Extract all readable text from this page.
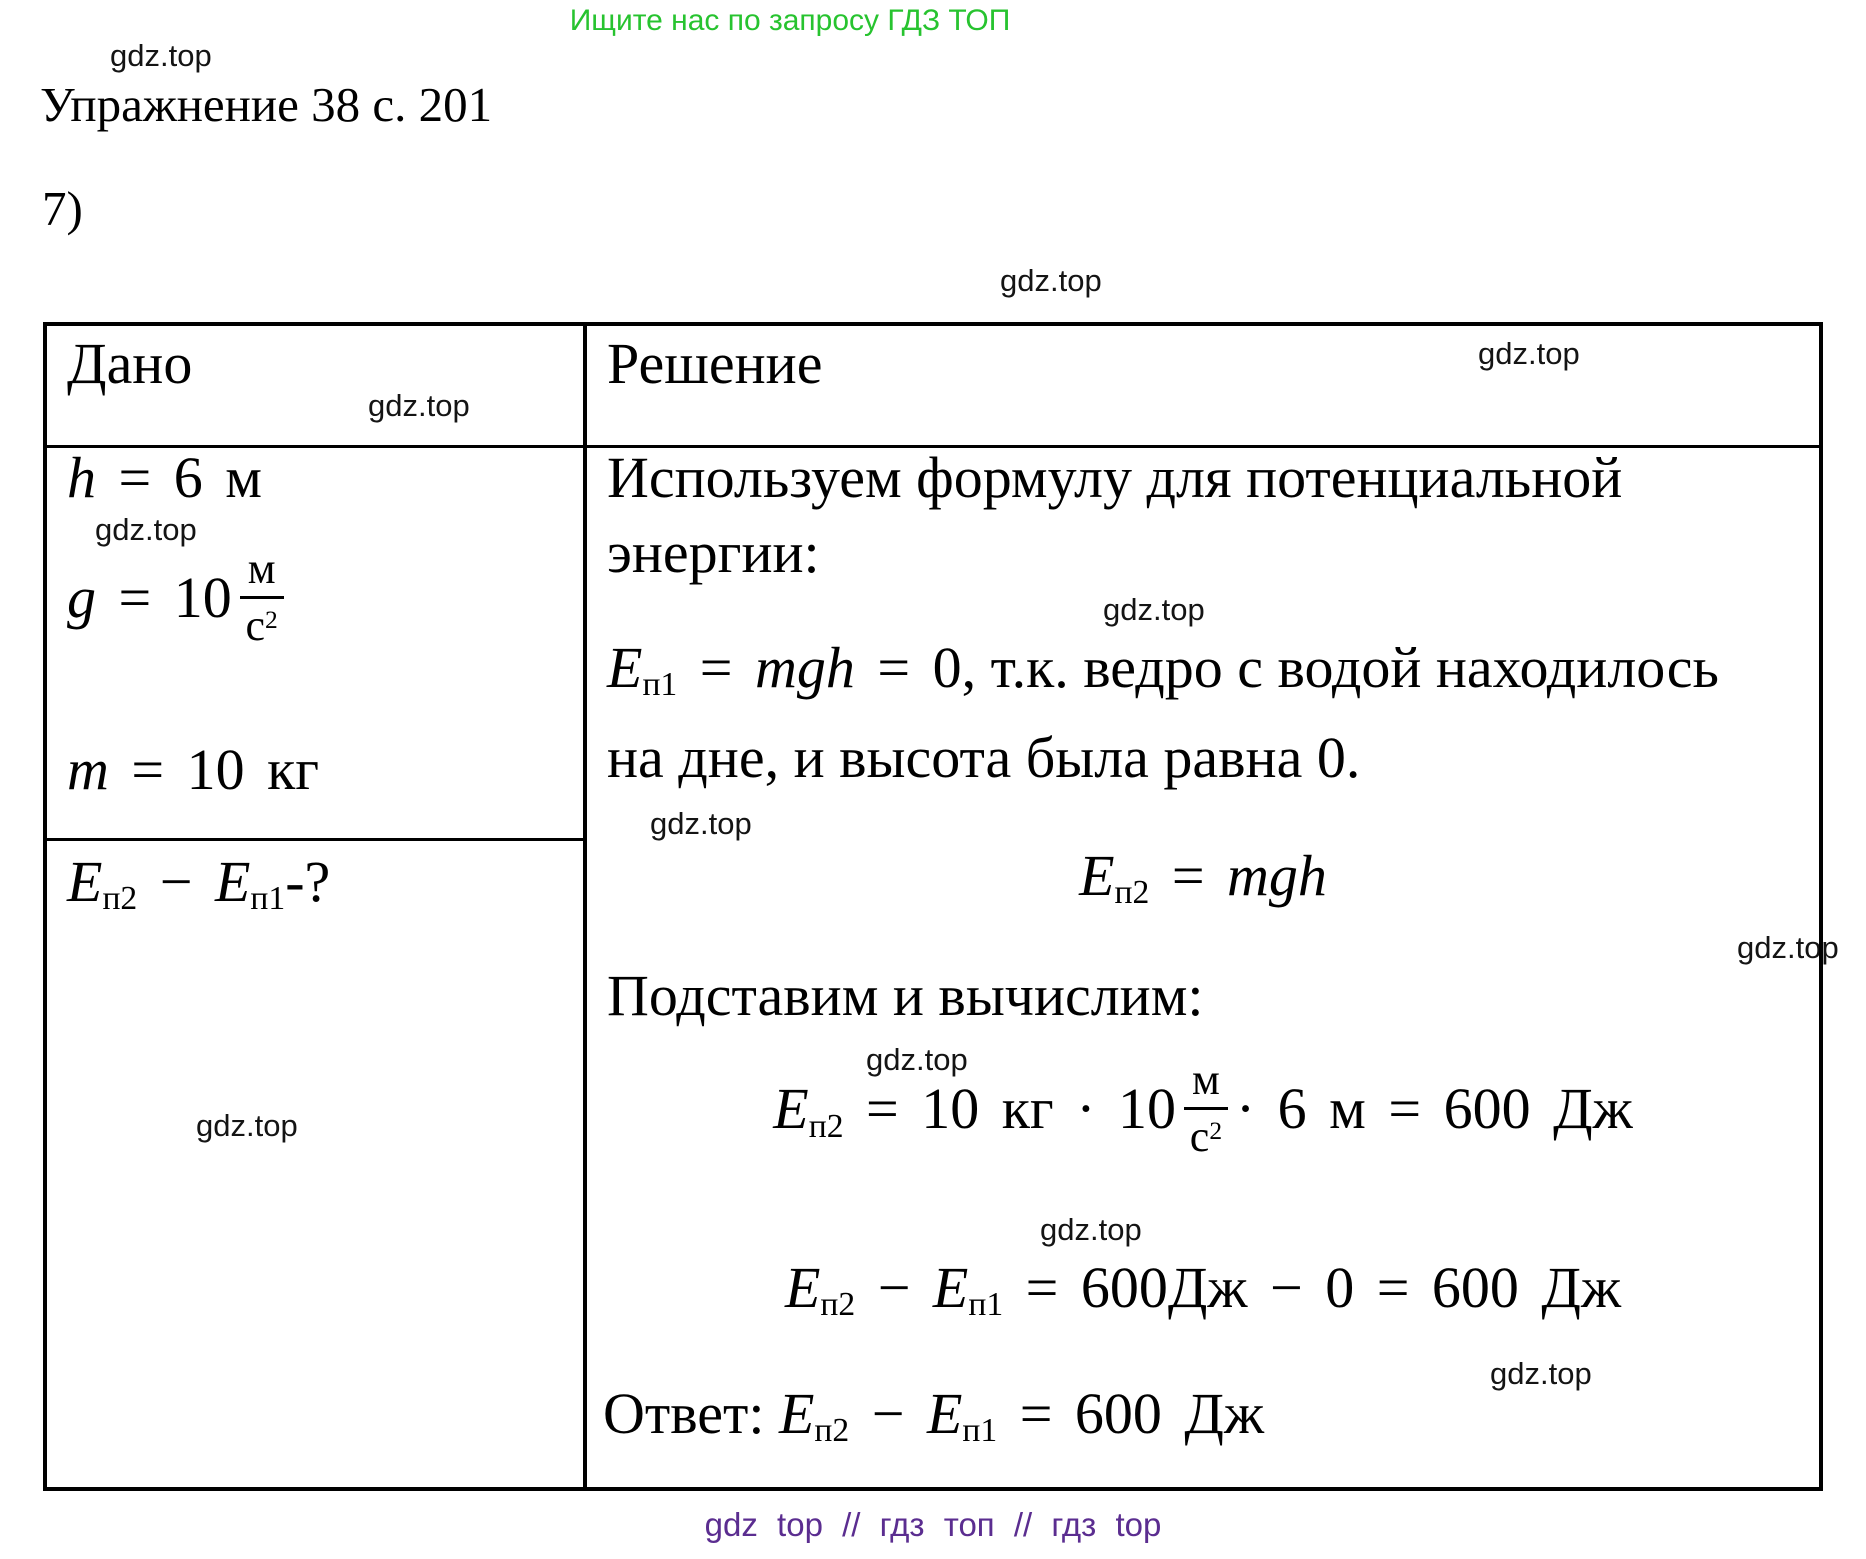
Ищите нас по запросу ГДЗ ТОП
gdz.top
gdz.top
gdz.top
gdz.top
gdz.top
gdz.top
gdz.top
gdz.top
gdz.top
gdz.top
gdz.top
gdz.top
Упражнение 38 с. 201
7)
Дано
h = 6 м
$g = 10 \frac{м}{с^2}$
m = 10 кг
$E_{п2} - E_{п1}-$?
Решение
Используем формулу для потенциальной
энергии:
$E_{п1}$ = mgh = 0, т.к. ведро с водой находилось
на дне, и высота была равна 0.
$E_{п2}$ = mgh
Подставим и вычислим:
$E_{п2} = 10$ кг · $10 \frac{м}{с^2} \cdot 6$ м = 600 Дж
$E_{п2} - E_{п1} = 600Дж - 0 = 600$ Дж
Ответ: $E_{п2} - E_{п1} = 600$ Дж
gdz top // гдз топ // гдз top
